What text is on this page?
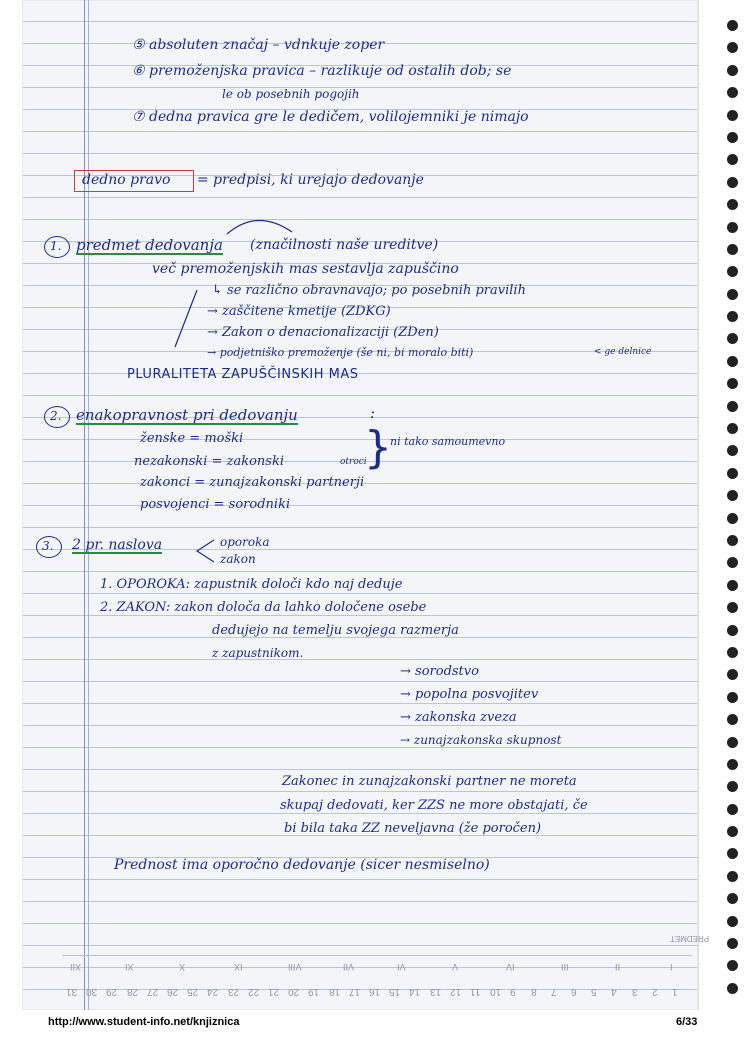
⑤ absoluten značaj – vdnkuje zoper
⑥ premoženjska pravica – razlikuje od ostalih dob; se
le ob posebnih pogojih
⑦ dedna pravica gre le dedičem, volilojemniki je nimajo
dedno pravo = predpisi, ki urejajo dedovanje
1. predmet dedovanja (značilnosti naše ureditve)
več premoženjskih mas sestavlja zapuščino
↳ se različno obravnavajo; po posebnih pravilih
→ zaščitene kmetije (ZDKG)
→ Zakon o denacionalizaciji (ZDen)
→ podjetniško premoženje (še ni, bi moralo biti)	< ge delnice
PLURALITETA ZAPUŠČINSKIH MAS
2. enakopravnost pri dedovanju	:
ženske = moški
nezakonski = zakonski	otroci
zakonci = zunajzakonski partnerji
posvojenci = sorodniki
}
ni tako samoumevno
3. 2 pr. naslova	oporoka
zakon
1. OPOROKA: zapustnik določi kdo naj deduje
2. ZAKON: zakon določa da lahko določene osebe
dedujejo na temelju svojega razmerja
z zapustnikom.
→ sorodstvo
→ popolna posvojitev
→ zakonska zveza
→ zunajzakonska skupnost
Zakonec in zunajzakonski partner ne moreta
skupaj dedovati, ker ZZS ne more obstajati, če
bi bila taka ZZ neveljavna (že poročen)
Prednost ima oporočno dedovanje (sicer nesmiselno)
PREDMET
XII	XI	X	IX	VIII	VII	VI	V	IV	III	II	I
31 30 29 28 27 26 25 24 23 22 21 20 19 18 17 16 15 14 13 12 11 10 9 8 7 6 5 4 3 2 1
http://www.student-info.net/knjiznica	6/33
